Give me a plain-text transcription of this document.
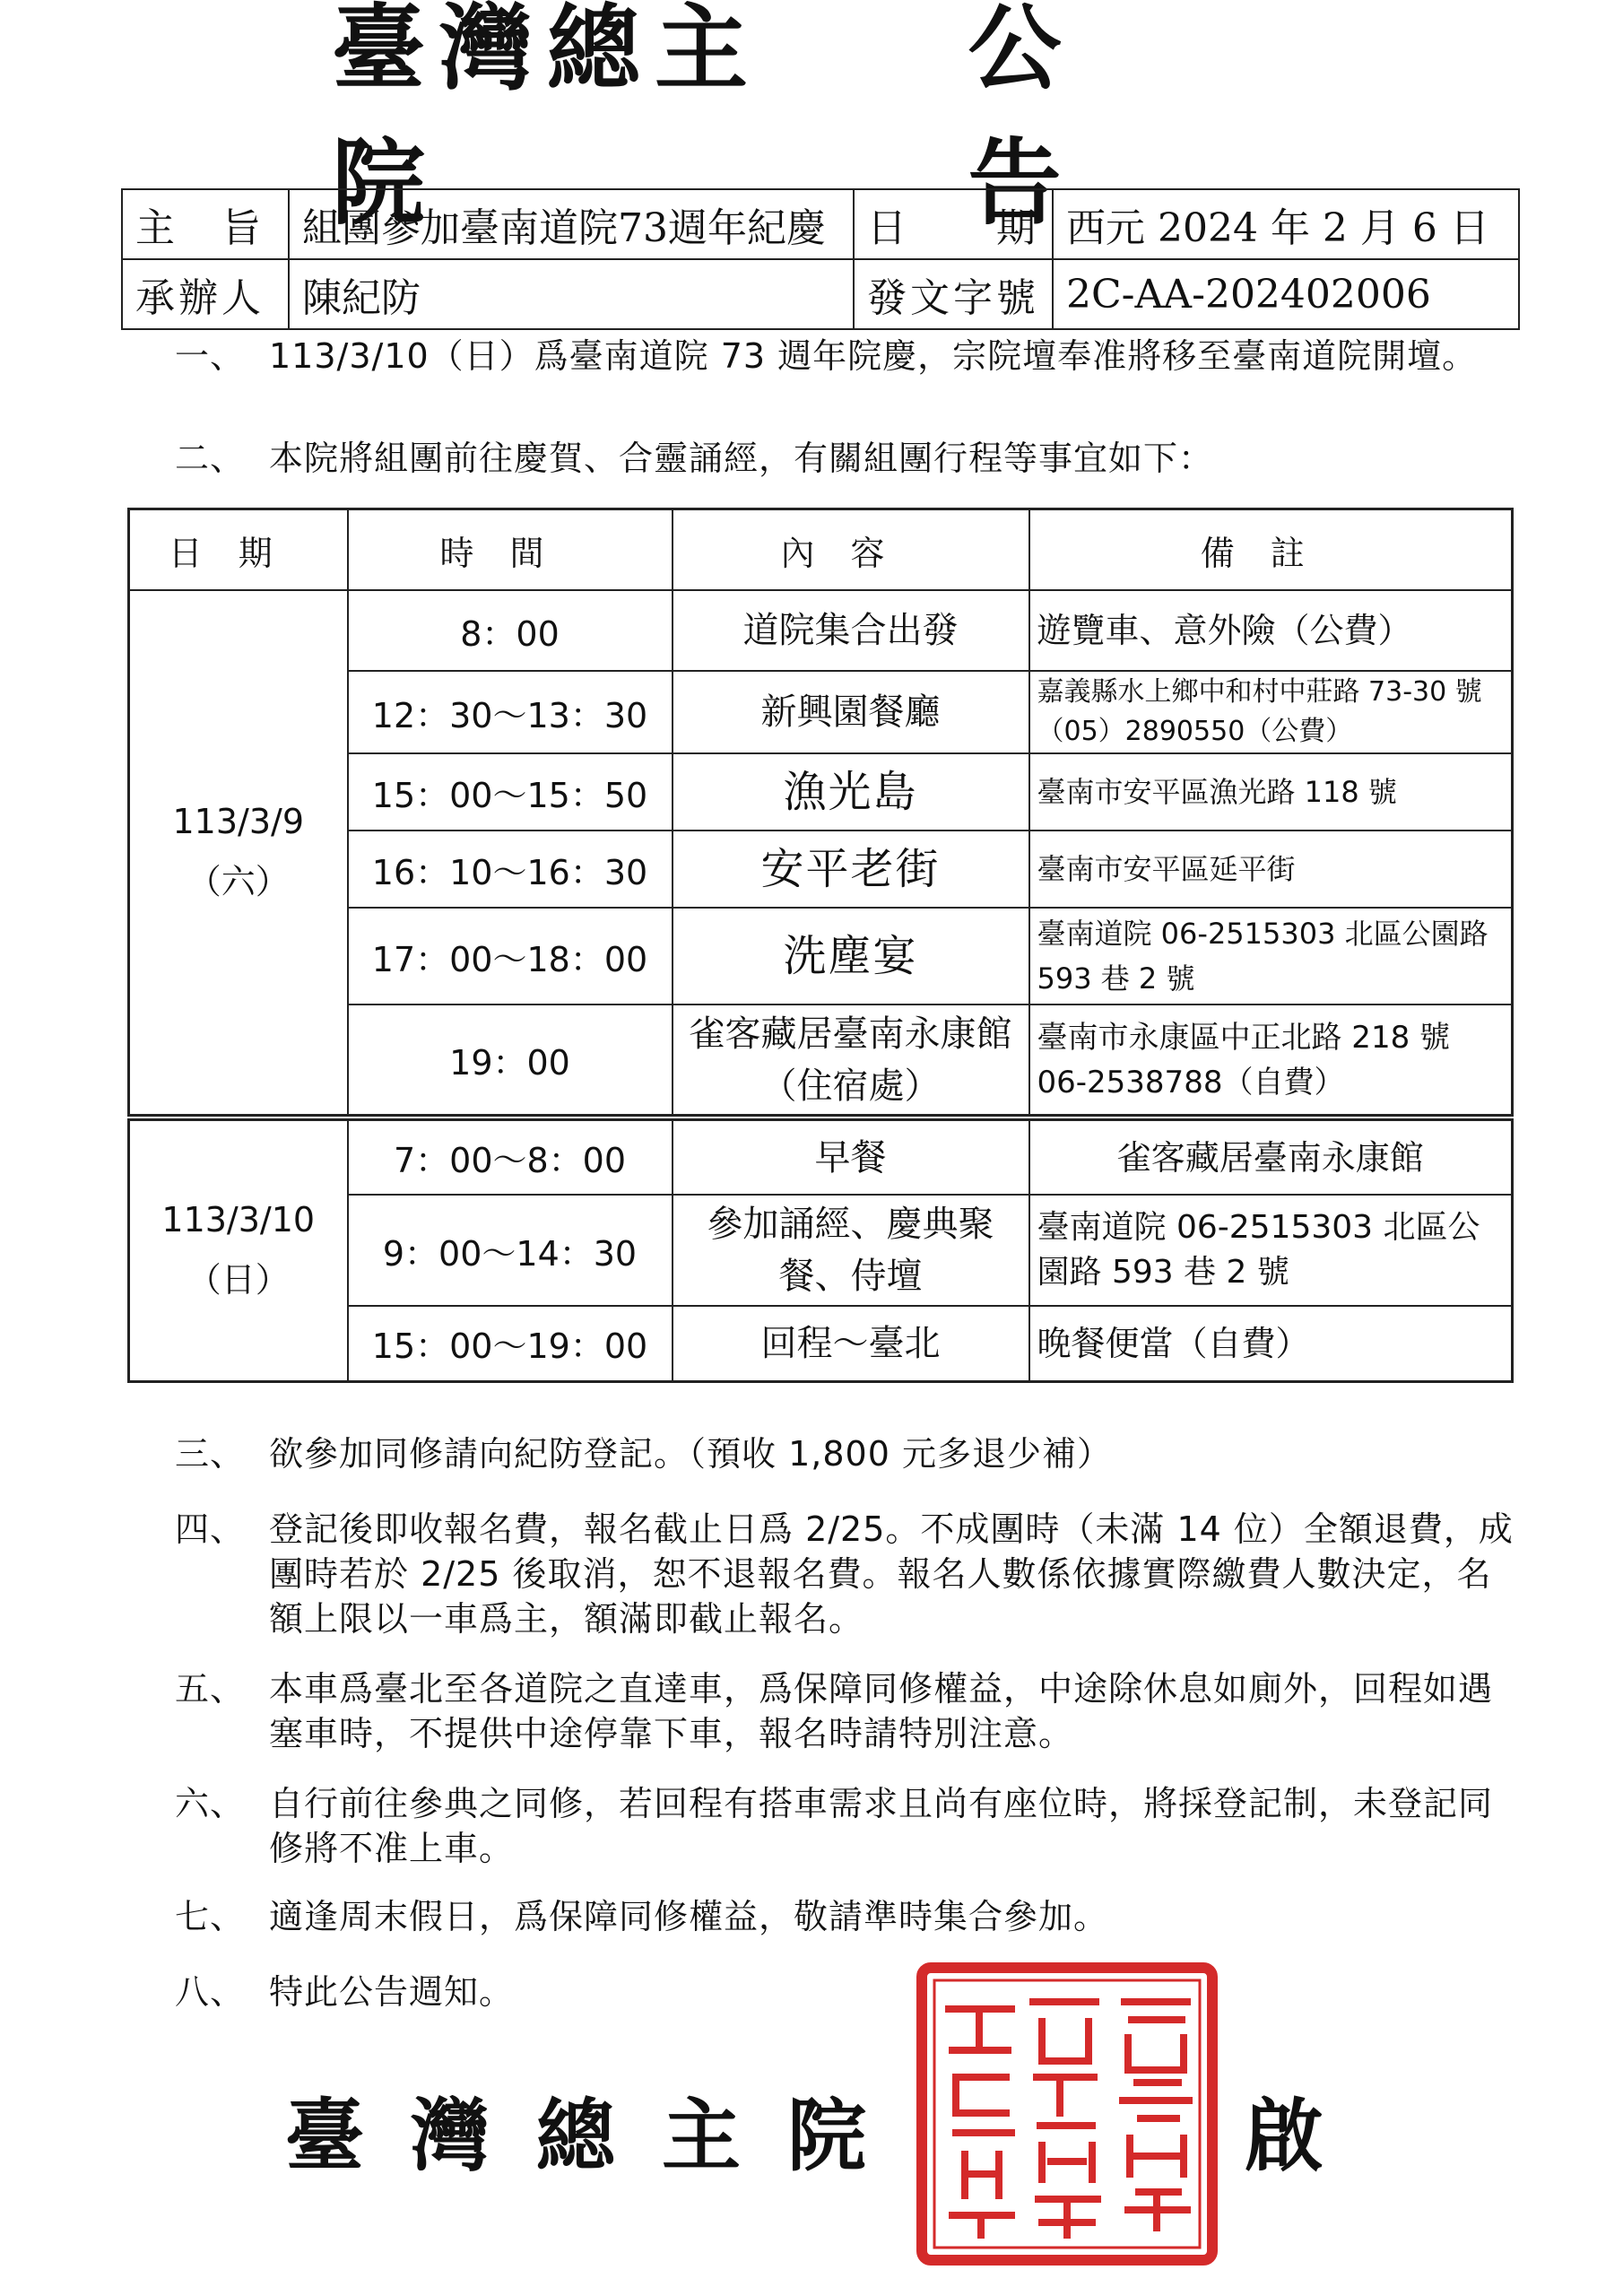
臺灣總主院
公告
主　旨	組團參加臺南道院73週年紀慶	日　　期	西元 2024 年 2 月 6 日
承辦人	陳紀防	發文字號	2C-AA-202402006
一、 113/3/10（日）爲臺南道院 73 週年院慶，宗院壇奉准將移至臺南道院開壇。
二、 本院將組團前往慶賀、合靈誦經，有關組團行程等事宜如下：
日期	時間	內容	備註

113/3/9
（六）	8：00	道院集合出發	遊覽車、意外險（公費）
	12：30～13：30	新興園餐廳	嘉義縣水上鄉中和村中莊路 73-30 號（05）2890550（公費）
	15：00～15：50	漁光島	臺南市安平區漁光路 118 號
	16：10～16：30	安平老街	臺南市安平區延平街
	17：00～18：00	洗塵宴	臺南道院 06-2515303 北區公園路 593 巷 2 號
	19：00	雀客藏居臺南永康館（住宿處）	臺南市永康區中正北路 218 號 06-2538788（自費）

113/3/10
（日）	7：00～8：00	早餐	雀客藏居臺南永康館
	9：00～14：30	參加誦經、慶典聚餐、侍壇	臺南道院 06-2515303 北區公園路 593 巷 2 號
	15：00～19：00	回程～臺北	晚餐便當（自費）
三、 欲參加同修請向紀防登記。（預收 1,800 元多退少補）
四、 登記後即收報名費，報名截止日爲 2/25。不成團時（未滿 14 位）全額退費，成團時若於 2/25 後取消，恕不退報名費。報名人數係依據實際繳費人數決定，名額上限以一車爲主，額滿即截止報名。
五、 本車爲臺北至各道院之直達車，爲保障同修權益，中途除休息如廁外，回程如遇塞車時，不提供中途停靠下車，報名時請特別注意。
六、 自行前往參典之同修，若回程有搭車需求且尚有座位時，將採登記制，未登記同修將不准上車。
七、 適逢周末假日，爲保障同修權益，敬請準時集合參加。
八、 特此公告週知。
臺灣總主院	啟
